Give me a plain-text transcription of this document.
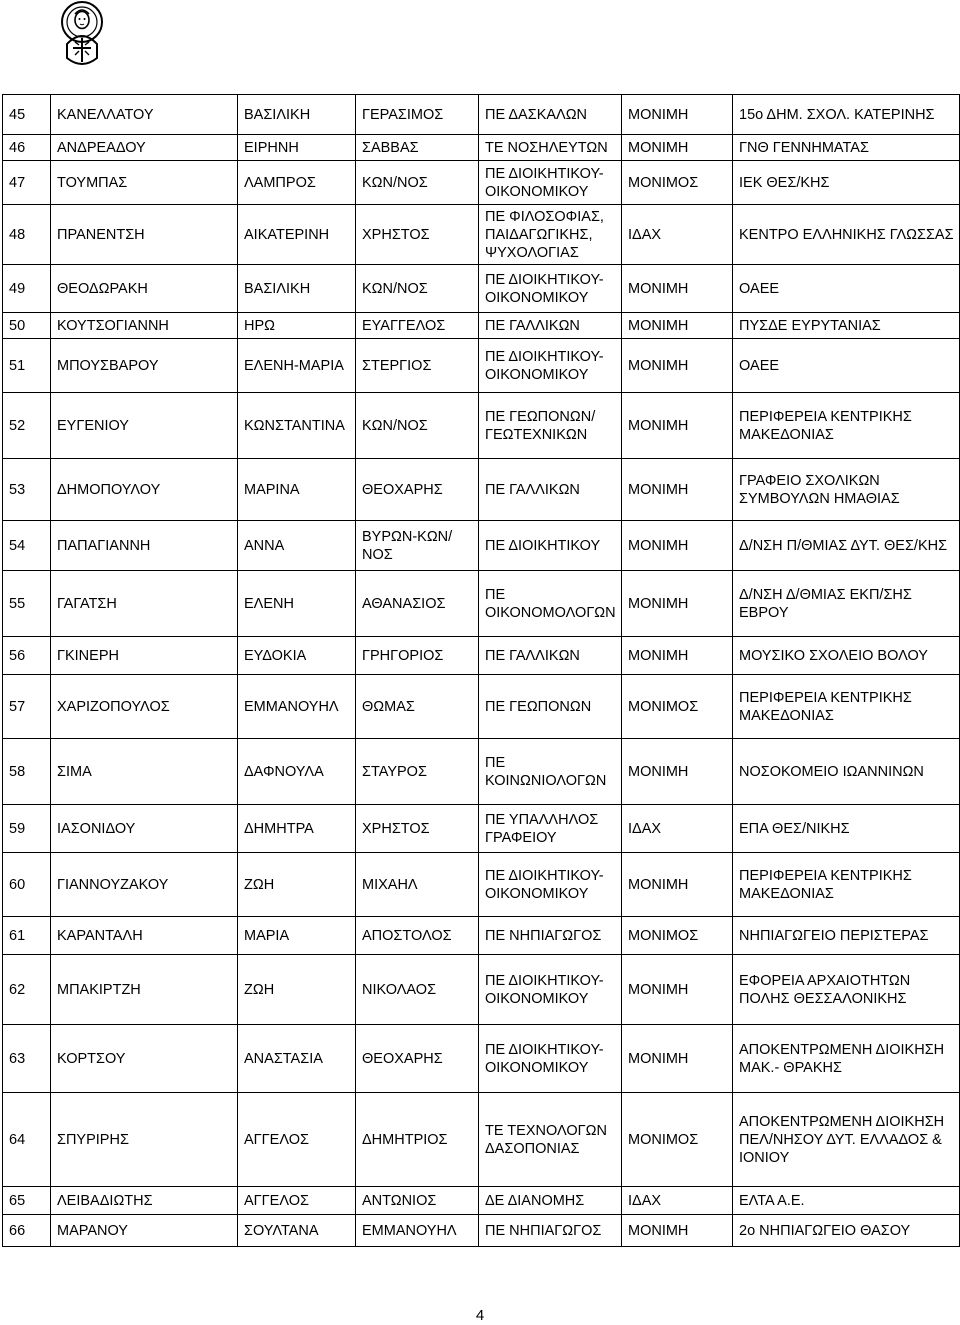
45	ΚΑΝΕΛΛΑΤΟΥ	ΒΑΣΙΛΙΚΗ	ΓΕΡΑΣΙΜΟΣ	ΠΕ ΔΑΣΚΑΛΩΝ	ΜΟΝΙΜΗ	15ο ΔΗΜ. ΣΧΟΛ. ΚΑΤΕΡΙΝΗΣ
46	ΑΝΔΡΕΑΔΟΥ	ΕΙΡΗΝΗ	ΣΑΒΒΑΣ	ΤΕ ΝΟΣΗΛΕΥΤΩΝ	ΜΟΝΙΜΗ	ΓΝΘ ΓΕΝΝΗΜΑΤΑΣ
47	ΤΟΥΜΠΑΣ	ΛΑΜΠΡΟΣ	ΚΩΝ/ΝΟΣ	ΠΕ ΔΙΟΙΚΗΤΙΚΟΥ-ΟΙΚΟΝΟΜΙΚΟΥ	ΜΟΝΙΜΟΣ	ΙΕΚ ΘΕΣ/ΚΗΣ
48	ΠΡΑΝΕΝΤΣΗ	ΑΙΚΑΤΕΡΙΝΗ	ΧΡΗΣΤΟΣ	ΠΕ ΦΙΛΟΣΟΦΙΑΣ, ΠΑΙΔΑΓΩΓΙΚΗΣ, ΨΥΧΟΛΟΓΙΑΣ	ΙΔΑΧ	ΚΕΝΤΡΟ ΕΛΛΗΝΙΚΗΣ ΓΛΩΣΣΑΣ
49	ΘΕΟΔΩΡΑΚΗ	ΒΑΣΙΛΙΚΗ	ΚΩΝ/ΝΟΣ	ΠΕ ΔΙΟΙΚΗΤΙΚΟΥ-ΟΙΚΟΝΟΜΙΚΟΥ	ΜΟΝΙΜΗ	ΟΑΕΕ
50	ΚΟΥΤΣΟΓΙΑΝΝΗ	ΗΡΩ	ΕΥΑΓΓΕΛΟΣ	ΠΕ ΓΑΛΛΙΚΩΝ	ΜΟΝΙΜΗ	ΠΥΣΔΕ ΕΥΡΥΤΑΝΙΑΣ
51	ΜΠΟΥΣΒΑΡΟΥ	ΕΛΕΝΗ-ΜΑΡΙΑ	ΣΤΕΡΓΙΟΣ	ΠΕ ΔΙΟΙΚΗΤΙΚΟΥ-ΟΙΚΟΝΟΜΙΚΟΥ	ΜΟΝΙΜΗ	ΟΑΕΕ
52	ΕΥΓΕΝΙΟΥ	ΚΩΝΣΤΑΝΤΙΝΑ	ΚΩΝ/ΝΟΣ	ΠΕ ΓΕΩΠΟΝΩΝ/ ΓΕΩΤΕΧΝΙΚΩΝ	ΜΟΝΙΜΗ	ΠΕΡΙΦΕΡΕΙΑ ΚΕΝΤΡΙΚΗΣ ΜΑΚΕΔΟΝΙΑΣ
53	ΔΗΜΟΠΟΥΛΟΥ	ΜΑΡΙΝΑ	ΘΕΟΧΑΡΗΣ	ΠΕ ΓΑΛΛΙΚΩΝ	ΜΟΝΙΜΗ	ΓΡΑΦΕΙΟ ΣΧΟΛΙΚΩΝ ΣΥΜΒΟΥΛΩΝ ΗΜΑΘΙΑΣ
54	ΠΑΠΑΓΙΑΝΝΗ	ΑΝΝΑ	ΒΥΡΩΝ-ΚΩΝ/ΝΟΣ	ΠΕ ΔΙΟΙΚΗΤΙΚΟΥ	ΜΟΝΙΜΗ	Δ/ΝΣΗ Π/ΘΜΙΑΣ ΔΥΤ. ΘΕΣ/ΚΗΣ
55	ΓΑΓΑΤΣΗ	ΕΛΕΝΗ	ΑΘΑΝΑΣΙΟΣ	ΠΕ ΟΙΚΟΝΟΜΟΛΟΓΩΝ	ΜΟΝΙΜΗ	Δ/ΝΣΗ Δ/ΘΜΙΑΣ ΕΚΠ/ΣΗΣ ΕΒΡΟΥ
56	ΓΚΙΝΕΡΗ	ΕΥΔΟΚΙΑ	ΓΡΗΓΟΡΙΟΣ	ΠΕ ΓΑΛΛΙΚΩΝ	ΜΟΝΙΜΗ	ΜΟΥΣΙΚΟ ΣΧΟΛΕΙΟ ΒΟΛΟΥ
57	ΧΑΡΙΖΟΠΟΥΛΟΣ	ΕΜΜΑΝΟΥΗΛ	ΘΩΜΑΣ	ΠΕ ΓΕΩΠΟΝΩΝ	ΜΟΝΙΜΟΣ	ΠΕΡΙΦΕΡΕΙΑ ΚΕΝΤΡΙΚΗΣ ΜΑΚΕΔΟΝΙΑΣ
58	ΣΙΜΑ	ΔΑΦΝΟΥΛΑ	ΣΤΑΥΡΟΣ	ΠΕ ΚΟΙΝΩΝΙΟΛΟΓΩΝ	ΜΟΝΙΜΗ	ΝΟΣΟΚΟΜΕΙΟ ΙΩΑΝΝΙΝΩΝ
59	ΙΑΣΟΝΙΔΟΥ	ΔΗΜΗΤΡΑ	ΧΡΗΣΤΟΣ	ΠΕ ΥΠΑΛΛΗΛΟΣ ΓΡΑΦΕΙΟΥ	ΙΔΑΧ	ΕΠΑ ΘΕΣ/ΝΙΚΗΣ
60	ΓΙΑΝΝΟΥΖΑΚΟΥ	ΖΩΗ	ΜΙΧΑΗΛ	ΠΕ ΔΙΟΙΚΗΤΙΚΟΥ-ΟΙΚΟΝΟΜΙΚΟΥ	ΜΟΝΙΜΗ	ΠΕΡΙΦΕΡΕΙΑ ΚΕΝΤΡΙΚΗΣ ΜΑΚΕΔΟΝΙΑΣ
61	ΚΑΡΑΝΤΑΛΗ	ΜΑΡΙΑ	ΑΠΟΣΤΟΛΟΣ	ΠΕ ΝΗΠΙΑΓΩΓΟΣ	ΜΟΝΙΜΟΣ	ΝΗΠΙΑΓΩΓΕΙΟ ΠΕΡΙΣΤΕΡΑΣ
62	ΜΠΑΚΙΡΤΖΗ	ΖΩΗ	ΝΙΚΟΛΑΟΣ	ΠΕ ΔΙΟΙΚΗΤΙΚΟΥ-ΟΙΚΟΝΟΜΙΚΟΥ	ΜΟΝΙΜΗ	ΕΦΟΡΕΙΑ ΑΡΧΑΙΟΤΗΤΩΝ ΠΟΛΗΣ ΘΕΣΣΑΛΟΝΙΚΗΣ
63	ΚΟΡΤΣΟΥ	ΑΝΑΣΤΑΣΙΑ	ΘΕΟΧΑΡΗΣ	ΠΕ ΔΙΟΙΚΗΤΙΚΟΥ-ΟΙΚΟΝΟΜΙΚΟΥ	ΜΟΝΙΜΗ	ΑΠΟΚΕΝΤΡΩΜΕΝΗ ΔΙΟΙΚΗΣΗ ΜΑΚ.- ΘΡΑΚΗΣ
64	ΣΠΥΡΙΡΗΣ	ΑΓΓΕΛΟΣ	ΔΗΜΗΤΡΙΟΣ	ΤΕ ΤΕΧΝΟΛΟΓΩΝ ΔΑΣΟΠΟΝΙΑΣ	ΜΟΝΙΜΟΣ	ΑΠΟΚΕΝΤΡΩΜΕΝΗ ΔΙΟΙΚΗΣΗ ΠΕΛ/ΝΗΣΟΥ ΔΥΤ. ΕΛΛΑΔΟΣ & ΙΟΝΙΟΥ
65	ΛΕΙΒΑΔΙΩΤΗΣ	ΑΓΓΕΛΟΣ	ΑΝΤΩΝΙΟΣ	ΔΕ ΔΙΑΝΟΜΗΣ	ΙΔΑΧ	ΕΛΤΑ Α.Ε.
66	ΜΑΡΑΝΟΥ	ΣΟΥΛΤΑΝΑ	ΕΜΜΑΝΟΥΗΛ	ΠΕ ΝΗΠΙΑΓΩΓΟΣ	ΜΟΝΙΜΗ	2ο ΝΗΠΙΑΓΩΓΕΙΟ ΘΑΣΟΥ
4
